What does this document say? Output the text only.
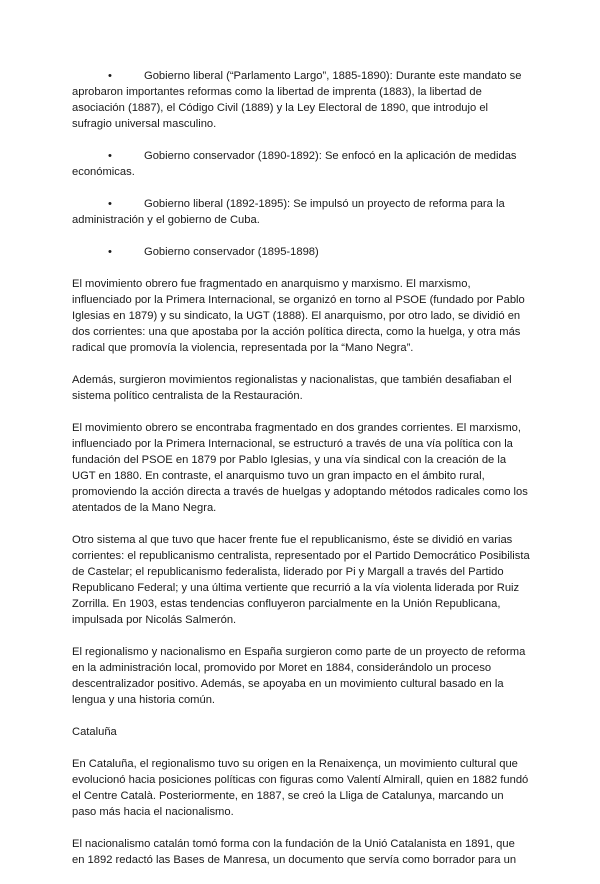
•	Gobierno liberal (“Parlamento Largo”, 1885-1890): Durante este mandato se aprobaron importantes reformas como la libertad de imprenta (1883), la libertad de asociación (1887), el Código Civil (1889) y la Ley Electoral de 1890, que introdujo el sufragio universal masculino.
•	Gobierno conservador (1890-1892): Se enfocó en la aplicación de medidas económicas.
•	Gobierno liberal (1892-1895): Se impulsó un proyecto de reforma para la administración y el gobierno de Cuba.
•	Gobierno conservador (1895-1898)

El movimiento obrero fue fragmentado en anarquismo y marxismo. El marxismo, influenciado por la Primera Internacional, se organizó en torno al PSOE (fundado por Pablo Iglesias en 1879) y su sindicato, la UGT (1888). El anarquismo, por otro lado, se dividió en dos corrientes: una que apostaba por la acción política directa, como la huelga, y otra más radical que promovía la violencia, representada por la “Mano Negra”.

Además, surgieron movimientos regionalistas y nacionalistas, que también desafiaban el sistema político centralista de la Restauración.

El movimiento obrero se encontraba fragmentado en dos grandes corrientes. El marxismo, influenciado por la Primera Internacional, se estructuró a través de una vía política con la fundación del PSOE en 1879 por Pablo Iglesias, y una vía sindical con la creación de la UGT en 1880. En contraste, el anarquismo tuvo un gran impacto en el ámbito rural, promoviendo la acción directa a través de huelgas y adoptando métodos radicales como los atentados de la Mano Negra.

Otro sistema al que tuvo que hacer frente fue el republicanismo, éste se dividió en varias corrientes: el republicanismo centralista, representado por el Partido Democrático Posibilista de Castelar; el republicanismo federalista, liderado por Pi y Margall a través del Partido Republicano Federal; y una última vertiente que recurrió a la vía violenta liderada por Ruiz Zorrilla. En 1903, estas tendencias confluyeron parcialmente en la Unión Republicana, impulsada por Nicolás Salmerón.

El regionalismo y nacionalismo en España surgieron como parte de un proyecto de reforma en la administración local, promovido por Moret en 1884, considerándolo un proceso descentralizador positivo. Además, se apoyaba en un movimiento cultural basado en la lengua y una historia común.

Cataluña

En Cataluña, el regionalismo tuvo su origen en la Renaixença, un movimiento cultural que evolucionó hacia posiciones políticas con figuras como Valentí Almirall, quien en 1882 fundó el Centre Català. Posteriormente, en 1887, se creó la Lliga de Catalunya, marcando un paso más hacia el nacionalismo.

El nacionalismo catalán tomó forma con la fundación de la Unió Catalanista en 1891, que en 1892 redactó las Bases de Manresa, un documento que servía como borrador para un
